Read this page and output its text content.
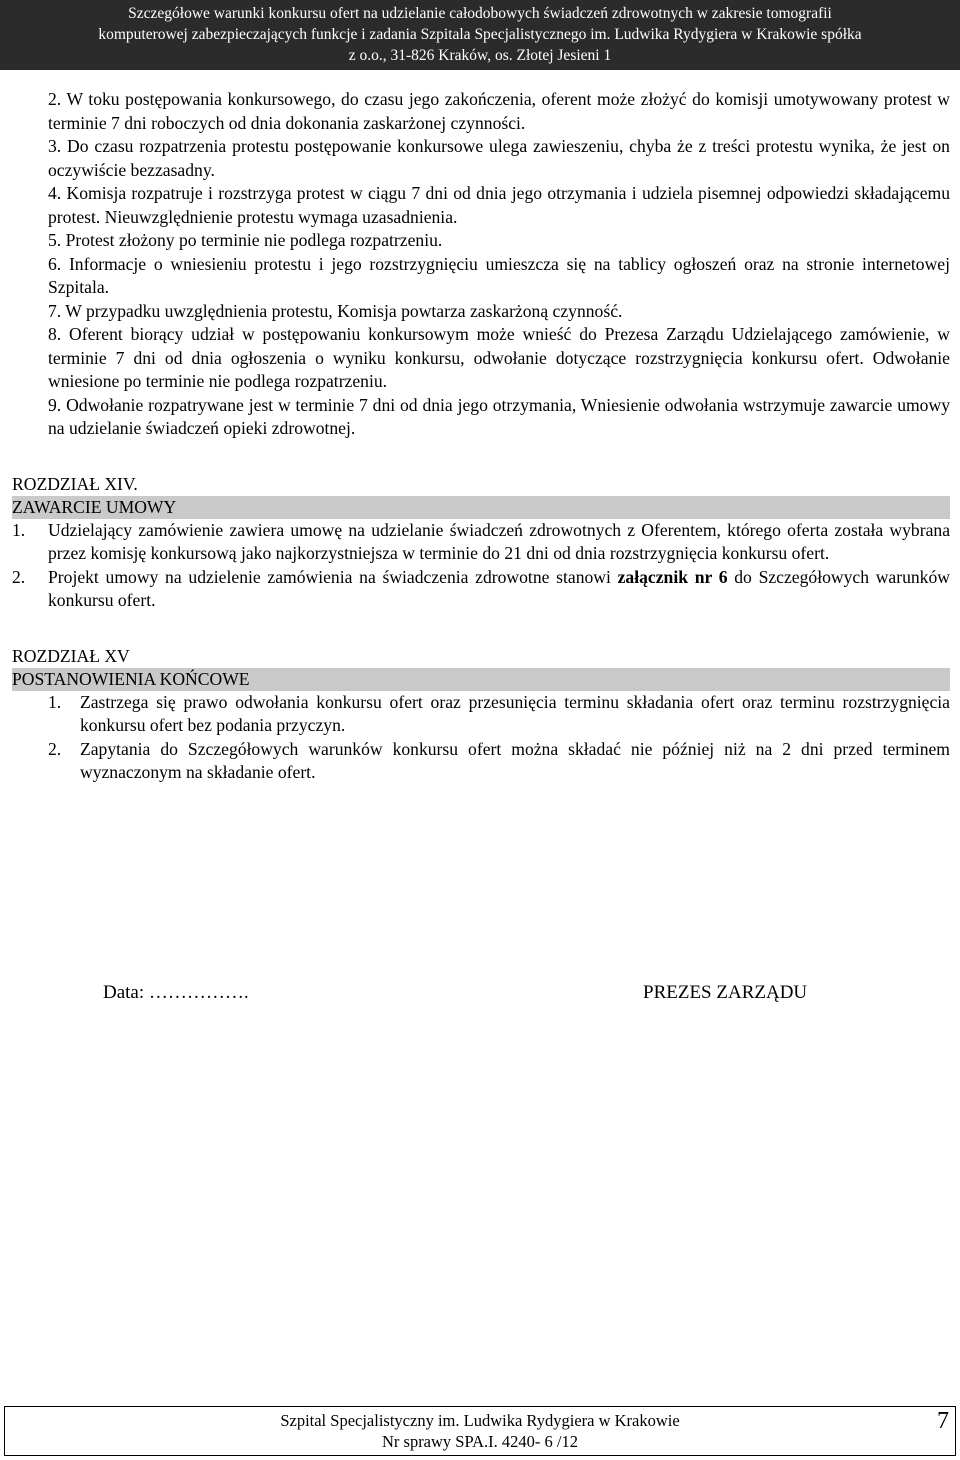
Szczegółowe warunki konkursu ofert na udzielanie całodobowych świadczeń zdrowotnych w zakresie tomografii
komputerowej zabezpieczających funkcje i zadania Szpitala Specjalistycznego im. Ludwika Rydygiera w Krakowie spółka
z o.o., 31-826 Kraków, os. Złotej Jesieni 1
2. W toku postępowania konkursowego, do czasu jego zakończenia, oferent może złożyć do komisji umotywowany protest w terminie 7 dni roboczych od dnia dokonania zaskarżonej czynności.
3. Do czasu rozpatrzenia protestu postępowanie konkursowe ulega zawieszeniu, chyba że z treści protestu wynika, że jest on oczywiście bezzasadny.
4. Komisja rozpatruje i rozstrzyga protest w ciągu 7 dni od dnia jego otrzymania i udziela pisemnej odpowiedzi składającemu protest. Nieuwzględnienie protestu wymaga uzasadnienia.
5. Protest złożony po terminie nie podlega rozpatrzeniu.
6. Informacje o wniesieniu protestu i jego rozstrzygnięciu umieszcza się na tablicy ogłoszeń oraz na stronie internetowej Szpitala.
7. W przypadku uwzględnienia protestu, Komisja powtarza zaskarżoną czynność.
8. Oferent biorący udział w postępowaniu konkursowym może wnieść do Prezesa Zarządu Udzielającego zamówienie, w terminie 7 dni od dnia ogłoszenia o wyniku konkursu, odwołanie dotyczące rozstrzygnięcia konkursu ofert. Odwołanie wniesione po terminie nie podlega rozpatrzeniu.
9. Odwołanie rozpatrywane jest w terminie 7 dni od dnia jego otrzymania, Wniesienie odwołania wstrzymuje zawarcie umowy na udzielanie świadczeń opieki zdrowotnej.
ROZDZIAŁ XIV.
ZAWARCIE UMOWY
1. Udzielający zamówienie zawiera umowę na udzielanie świadczeń zdrowotnych z Oferentem, którego oferta została wybrana przez komisję konkursową jako najkorzystniejsza w terminie do 21 dni od dnia rozstrzygnięcia konkursu ofert.
2. Projekt umowy na udzielenie zamówienia na świadczenia zdrowotne stanowi załącznik nr 6 do Szczegółowych warunków konkursu ofert.
ROZDZIAŁ XV
POSTANOWIENIA KOŃCOWE
1. Zastrzega się prawo odwołania konkursu ofert oraz przesunięcia terminu składania ofert oraz terminu rozstrzygnięcia konkursu ofert bez podania przyczyn.
2. Zapytania do Szczegółowych warunków konkursu ofert można składać nie później niż na 2 dni przed terminem wyznaczonym na składanie ofert.
Data: …………….	PREZES ZARZĄDU
Szpital Specjalistyczny im. Ludwika Rydygiera w Krakowie
Nr sprawy SPA.I. 4240- 6 /12
7
